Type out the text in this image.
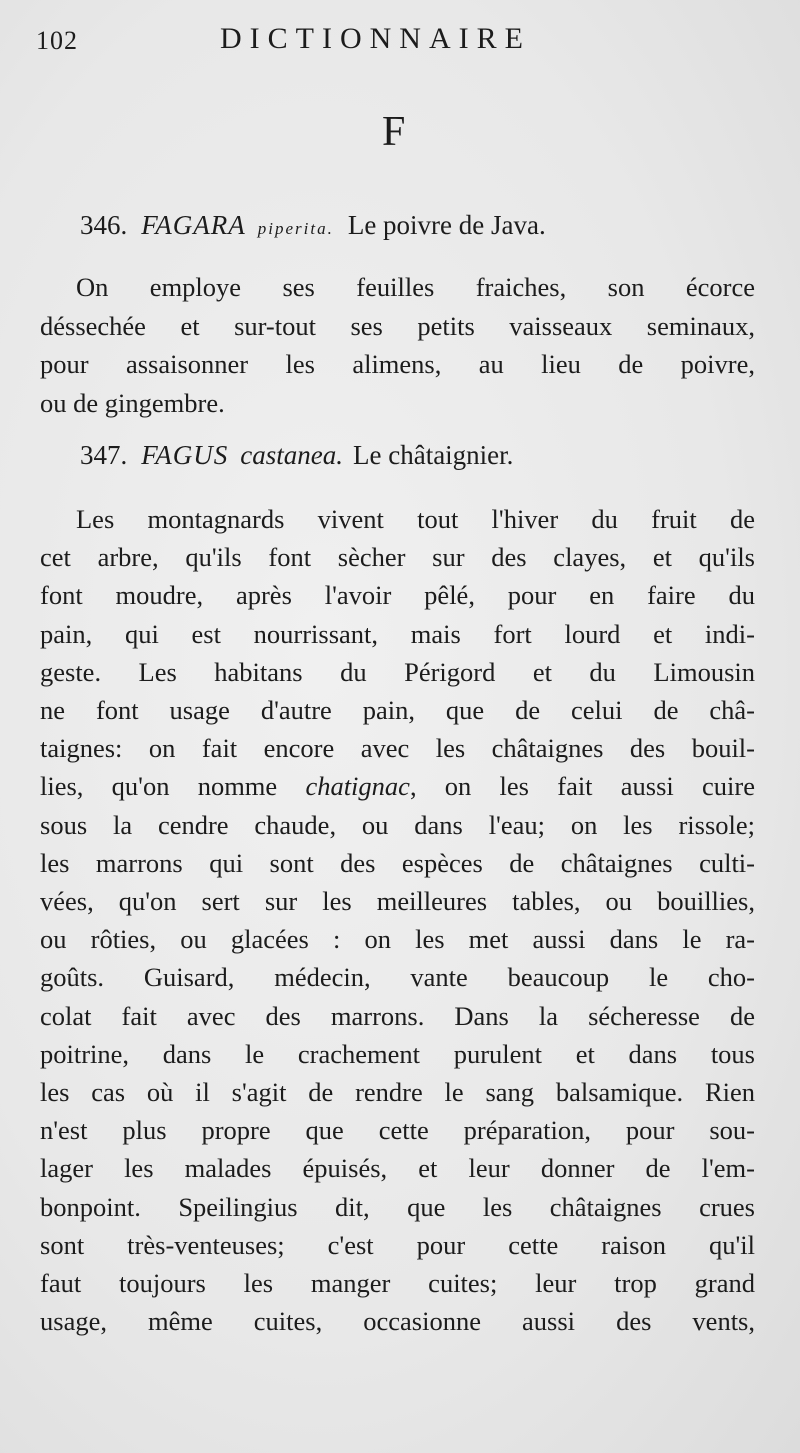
102	DICTIONNAIRE
F
346. FAGARA piperita. Le poivre de Java.
On employe ses feuilles fraiches, son écorce
déssechée et sur-tout ses petits vaisseaux seminaux,
pour assaisonner les alimens, au lieu de poivre,
ou de gingembre.
347. FAGUS castanea. Le châtaignier.
Les montagnards vivent tout l'hiver du fruit de
cet arbre, qu'ils font sècher sur des clayes, et qu'ils
font moudre, après l'avoir pêlé, pour en faire du
pain, qui est nourrissant, mais fort lourd et indi-
geste. Les habitans du Périgord et du Limousin
ne font usage d'autre pain, que de celui de châ-
taignes: on fait encore avec les châtaignes des bouil-
lies, qu'on nomme chatignac, on les fait aussi cuire
sous la cendre chaude, ou dans l'eau; on les rissole;
les marrons qui sont des espèces de châtaignes culti-
vées, qu'on sert sur les meilleures tables, ou bouillies,
ou rôties, ou glacées : on les met aussi dans le ra-
goûts. Guisard, médecin, vante beaucoup le cho-
colat fait avec des marrons. Dans la sécheresse de
poitrine, dans le crachement purulent et dans tous
les cas où il s'agit de rendre le sang balsamique. Rien
n'est plus propre que cette préparation, pour sou-
lager les malades épuisés, et leur donner de l'em-
bonpoint. Speilingius dit, que les châtaignes crues
sont très-venteuses; c'est pour cette raison qu'il
faut toujours les manger cuites; leur trop grand
usage, même cuites, occasionne aussi des vents,
